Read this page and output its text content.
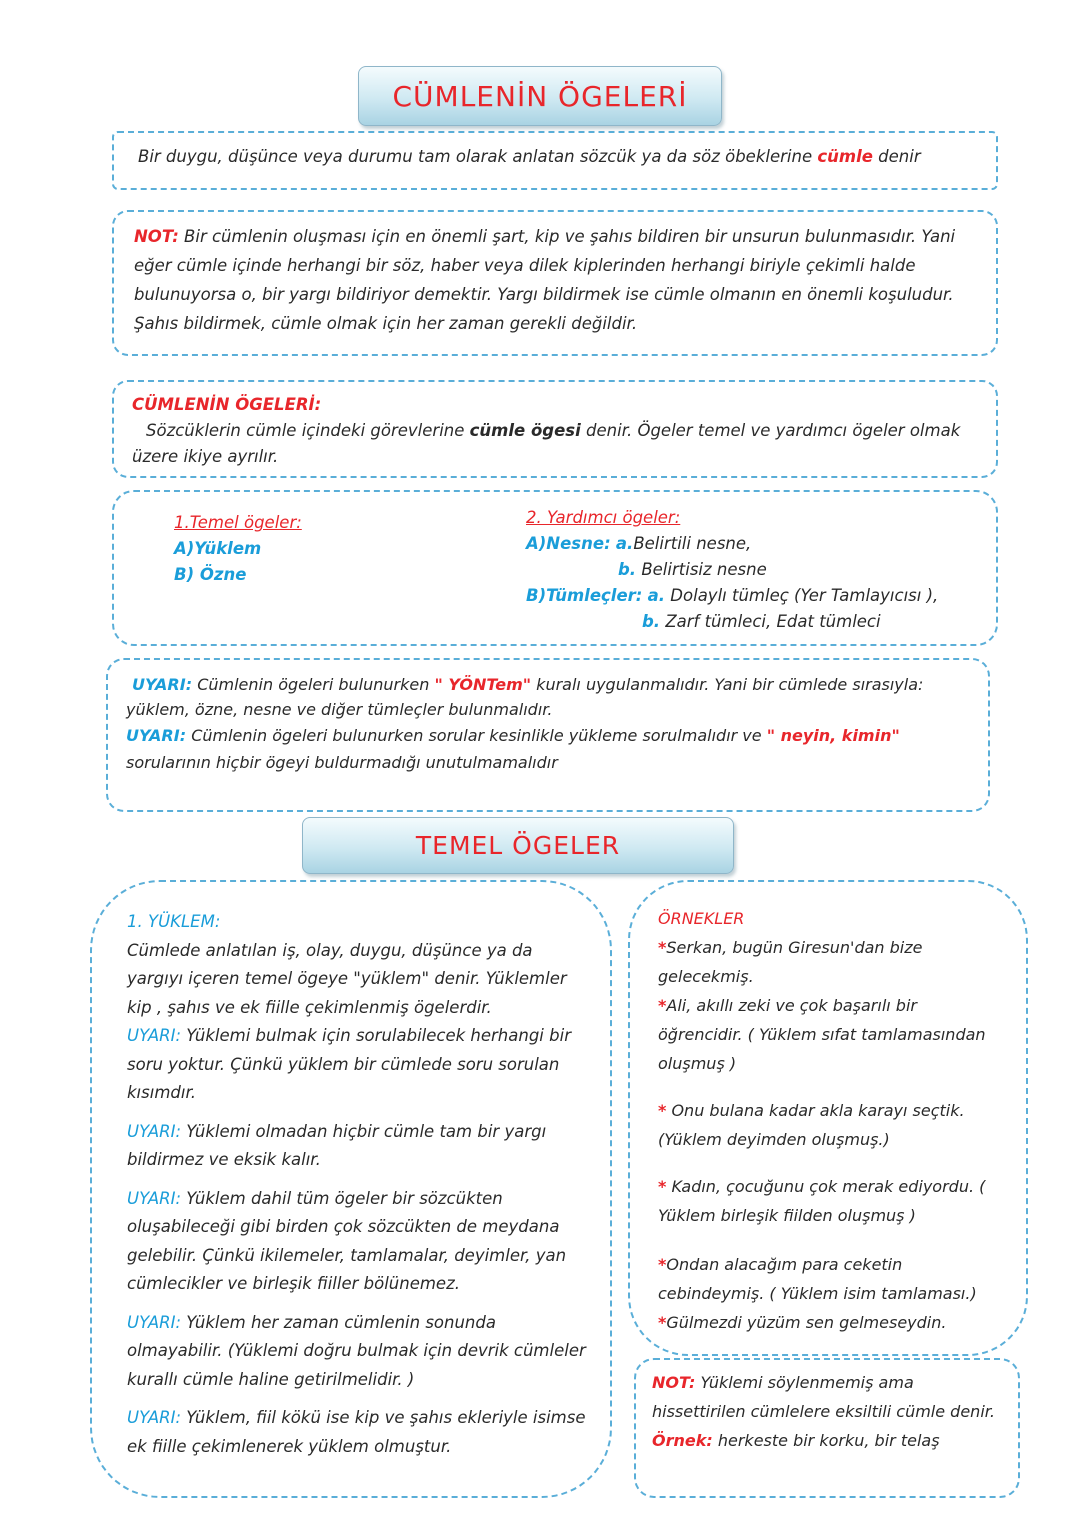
CÜMLENİN ÖGELERİ
Bir duygu, düşünce veya durumu tam olarak anlatan sözcük ya da söz öbeklerine cümle denir
NOT: Bir cümlenin oluşması için en önemli şart, kip ve şahıs bildiren bir unsurun bulunmasıdır. Yani eğer cümle içinde herhangi bir söz, haber veya dilek kiplerinden herhangi biriyle çekimli halde bulunuyorsa o, bir yargı bildiriyor demektir. Yargı bildirmek ise cümle olmanın en önemli koşuludur. Şahıs bildirmek, cümle olmak için her zaman gerekli değildir.
CÜMLENİN ÖGELERİ:
Sözcüklerin cümle içindeki görevlerine cümle ögesi denir. Ögeler temel ve yardımcı ögeler olmak üzere ikiye ayrılır.

1.Temel ögeler:

A)Yüklem

B) Özne

2. Yardımcı ögeler:

A)Nesne: a.Belirtili nesne,

b. Belirtisiz nesne

B)Tümleçler: a. Dolaylı tümleç (Yer Tamlayıcısı ),

b. Zarf tümleci, Edat tümleci

UYARI: Cümlenin ögeleri bulunurken " YÖNTem" kuralı uygulanmalıdır. Yani bir cümlede sırasıyla: yüklem, özne, nesne ve diğer tümleçler bulunmalıdır.
UYARI: Cümlenin ögeleri bulunurken sorular kesinlikle yükleme sorulmalıdır ve " neyin, kimin" sorularının hiçbir ögeyi buldurmadığı unutulmamalıdır
TEMEL ÖGELER

1. YÜKLEM:

Cümlede anlatılan iş, olay, duygu, düşünce ya da yargıyı içeren temel ögeye "yüklem" denir. Yüklemler kip , şahıs ve ek fiille çekimlenmiş ögelerdir.

UYARI: Yüklemi bulmak için sorulabilecek herhangi bir soru yoktur. Çünkü yüklem bir cümlede soru sorulan kısımdır.

UYARI: Yüklemi olmadan hiçbir cümle tam bir yargı bildirmez ve eksik kalır.

UYARI: Yüklem dahil tüm ögeler bir sözcükten oluşabileceği gibi birden çok sözcükten de meydana gelebilir. Çünkü ikilemeler, tamlamalar, deyimler, yan cümlecikler ve birleşik fiiller bölünemez.

UYARI: Yüklem her zaman cümlenin sonunda olmayabilir. (Yüklemi doğru bulmak için devrik cümleler kurallı cümle haline getirilmelidir. )

UYARI: Yüklem, fiil kökü ise kip ve şahıs ekleriyle isimse ek fiille çekimlenerek yüklem olmuştur.

ÖRNEKLER

*Serkan, bugün Giresun'dan bize gelecekmiş.

*Ali, akıllı zeki ve çok başarılı bir öğrencidir. ( Yüklem sıfat tamlamasından oluşmuş )

* Onu bulana kadar akla karayı seçtik. (Yüklem deyimden oluşmuş.)

* Kadın, çocuğunu çok merak ediyordu. ( Yüklem birleşik fiilden oluşmuş )

*Ondan alacağım para ceketin cebindeymiş. ( Yüklem isim tamlaması.)

*Gülmezdi yüzüm sen gelmeseydin.

NOT: Yüklemi söylenmemiş ama hissettirilen cümlelere eksiltili cümle denir.

Örnek: herkeste bir korku, bir telaş
